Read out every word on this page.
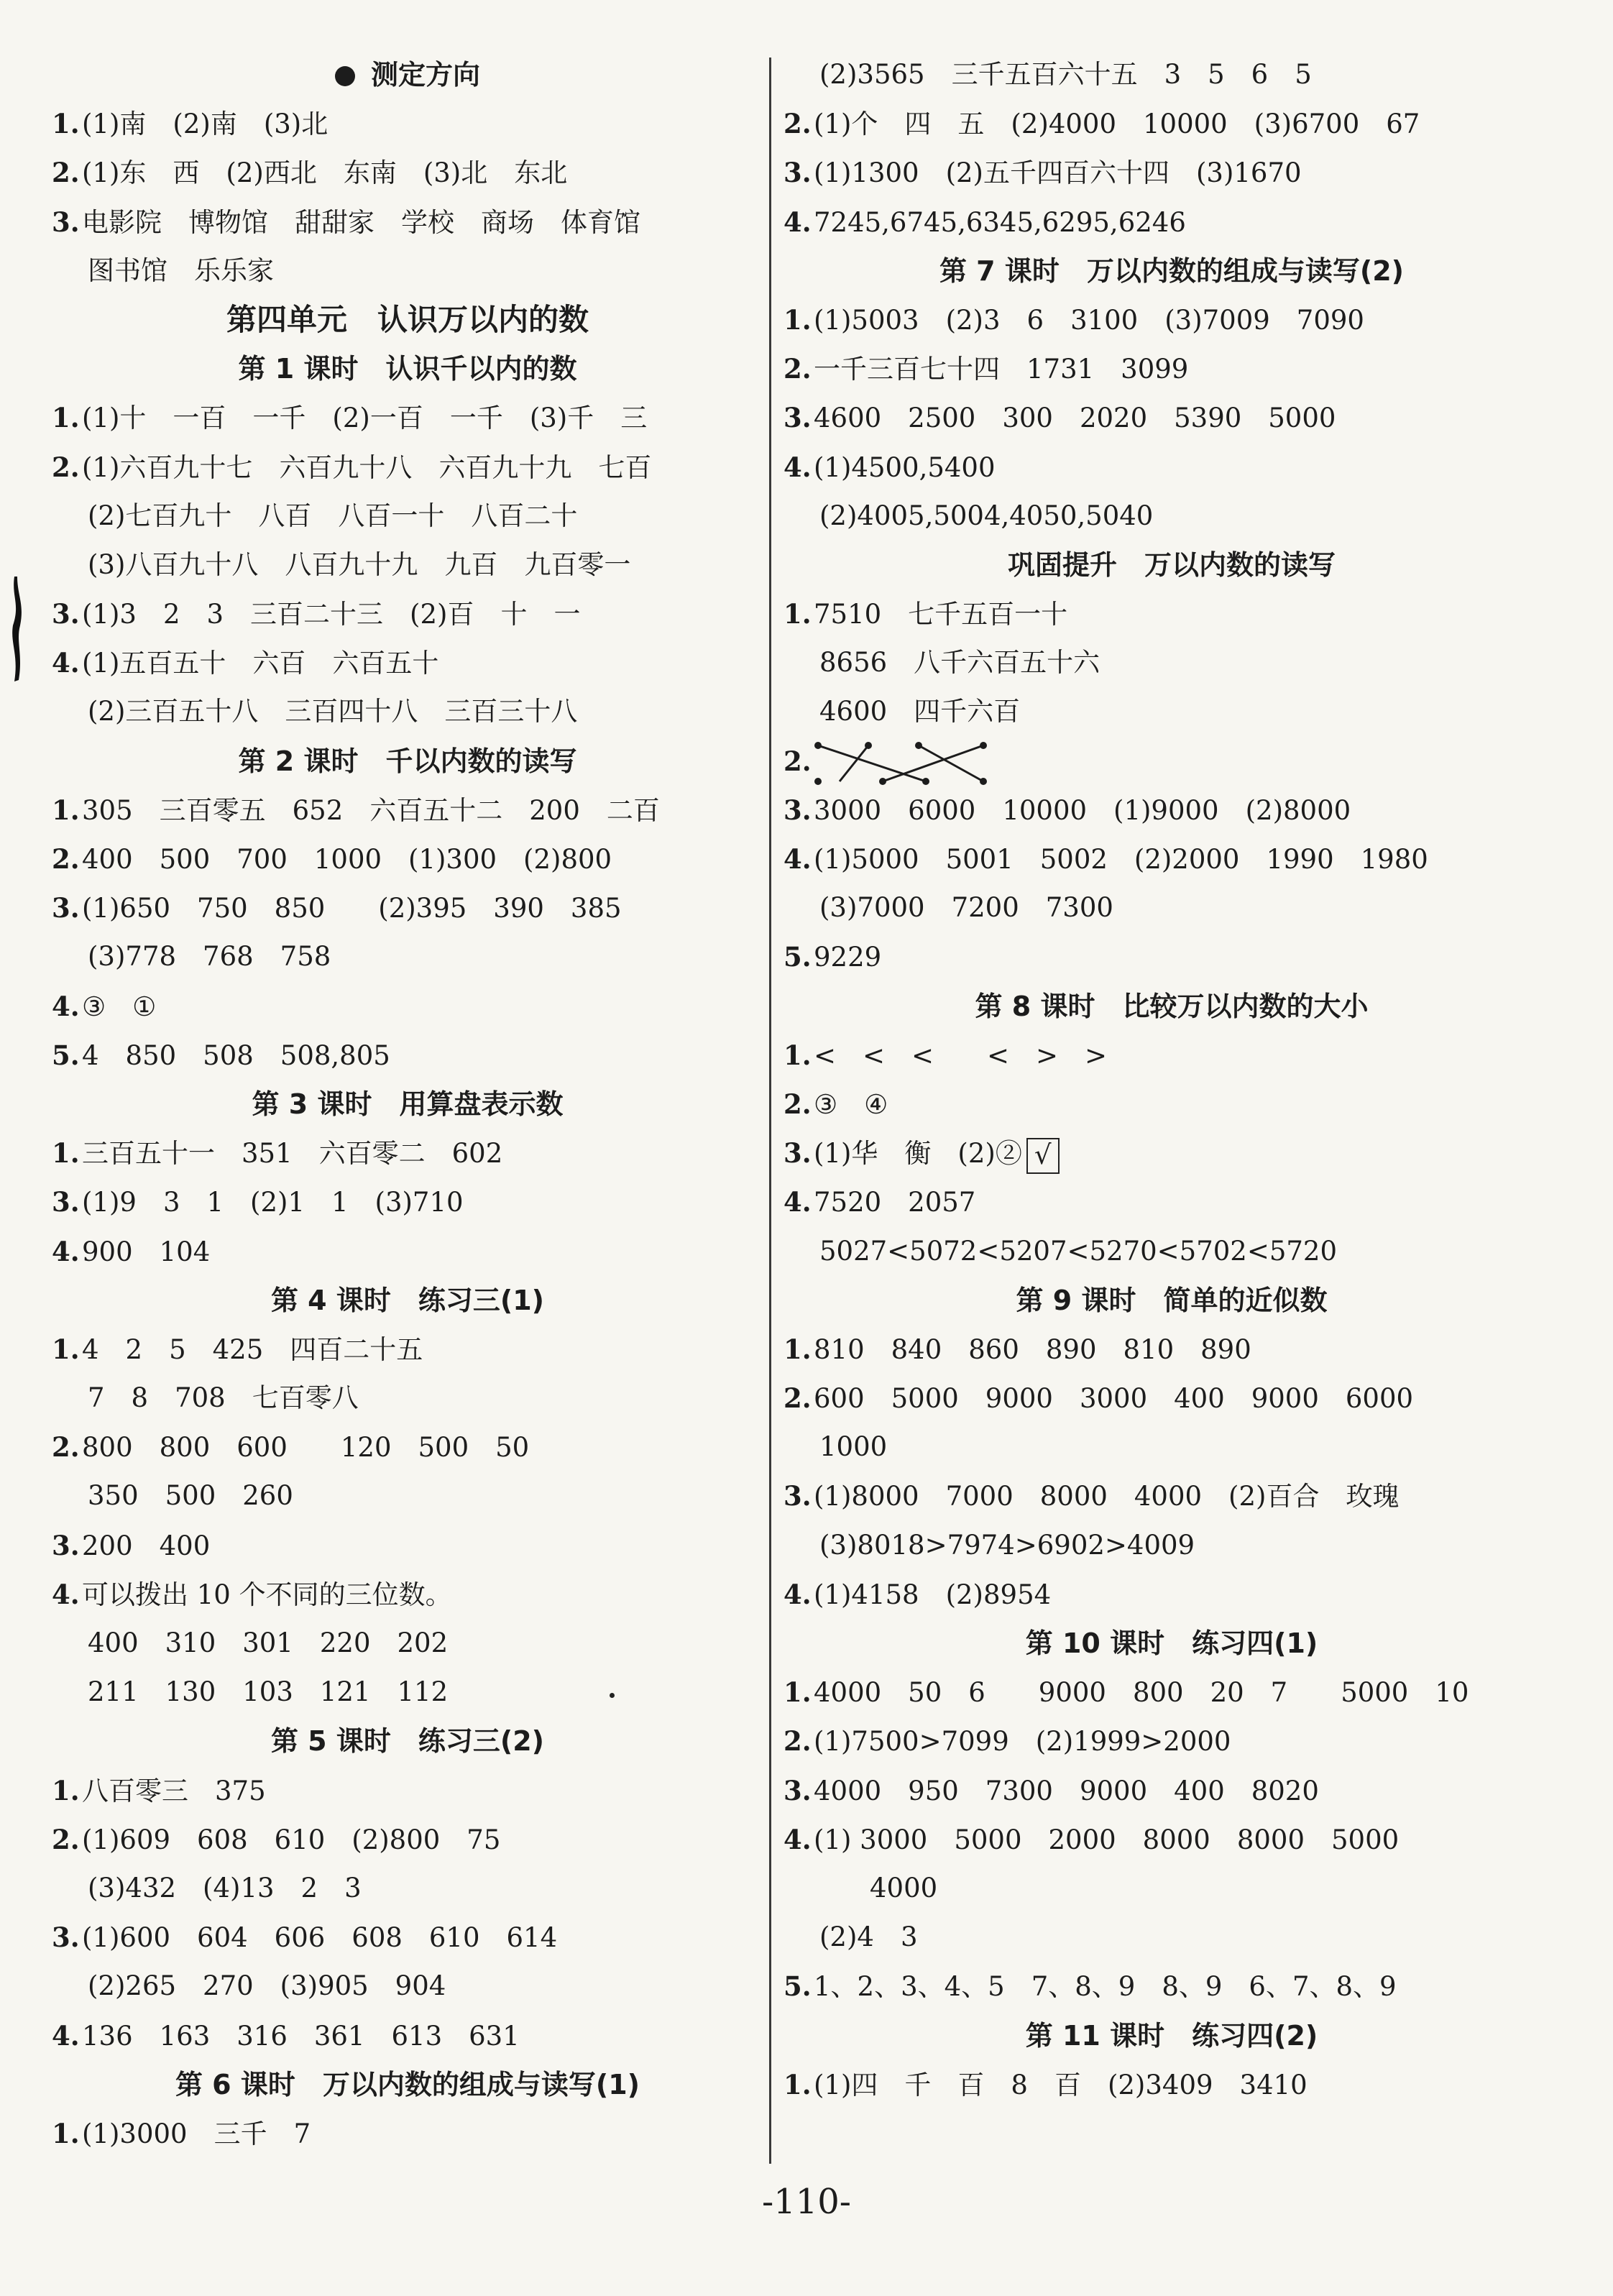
测定方向
1.(1)南　(2)南　(3)北
2.(1)东　西　(2)西北　东南　(3)北　东北
3.电影院　博物馆　甜甜家　学校　商场　体育馆
图书馆　乐乐家
第四单元　认识万以内的数
第 1 课时　认识千以内的数
1.(1)十　一百　一千　(2)一百　一千　(3)千　三
2.(1)六百九十七　六百九十八　六百九十九　七百
(2)七百九十　八百　八百一十　八百二十
(3)八百九十八　八百九十九　九百　九百零一
3.(1)3　2　3　三百二十三　(2)百　十　一
4.(1)五百五十　六百　六百五十
(2)三百五十八　三百四十八　三百三十八
第 2 课时　千以内数的读写
1.305　三百零五　652　六百五十二　200　二百
2.400　500　700　1000　(1)300　(2)800
3.(1)650　750　850　　(2)395　390　385
(3)778　768　758
4.③　①
5.4　850　508　508,805
第 3 课时　用算盘表示数
1.三百五十一　351　六百零二　602
3.(1)9　3　1　(2)1　1　(3)710
4.900　104
第 4 课时　练习三(1)
1.4　2　5　425　四百二十五
7　8　708　七百零八
2.800　800　600　　120　500　50
350　500　260
3.200　400
4.可以拨出 10 个不同的三位数。
400　310　301　220　202
211　130　103　121　112
第 5 课时　练习三(2)
1.八百零三　375
2.(1)609　608　610　(2)800　75
(3)432　(4)13　2　3
3.(1)600　604　606　608　610　614
(2)265　270　(3)905　904
4.136　163　316　361　613　631
第 6 课时　万以内数的组成与读写(1)
1.(1)3000　三千　7
(2)3565　三千五百六十五　3　5　6　5
2.(1)个　四　五　(2)4000　10000　(3)6700　67
3.(1)1300　(2)五千四百六十四　(3)1670
4.7245,6745,6345,6295,6246
第 7 课时　万以内数的组成与读写(2)
1.(1)5003　(2)3　6　3100　(3)7009　7090
2.一千三百七十四　1731　3099
3.4600　2500　300　2020　5390　5000
4.(1)4500,5400
(2)4005,5004,4050,5040
巩固提升　万以内数的读写
1.7510　七千五百一十
8656　八千六百五十六
4600　四千六百
2.
3.3000　6000　10000　(1)9000　(2)8000
4.(1)5000　5001　5002　(2)2000　1990　1980
(3)7000　7200　7300
5.9229
第 8 课时　比较万以内数的大小
1.<　<　<　　<　>　>
2.③　④
3.(1)华　衡　(2)② √
4.7520　2057
5027<5072<5207<5270<5702<5720
第 9 课时　简单的近似数
1.810　840　860　890　810　890
2.600　5000　9000　3000　400　9000　6000
1000
3.(1)8000　7000　8000　4000　(2)百合　玫瑰
(3)8018>7974>6902>4009
4.(1)4158　(2)8954
第 10 课时　练习四(1)
1.4000　50　6　　9000　800　20　7　　5000　10
2.(1)7500>7099　(2)1999>2000
3.4000　950　7300　9000　400　8020
4.(1) 3000　5000　2000　8000　8000　5000
4000
(2)4　3
5.1、2、3、4、5　7、8、9　8、9　6、7、8、9
第 11 课时　练习四(2)
1.(1)四　千　百　8　百　(2)3409　3410
-110-
